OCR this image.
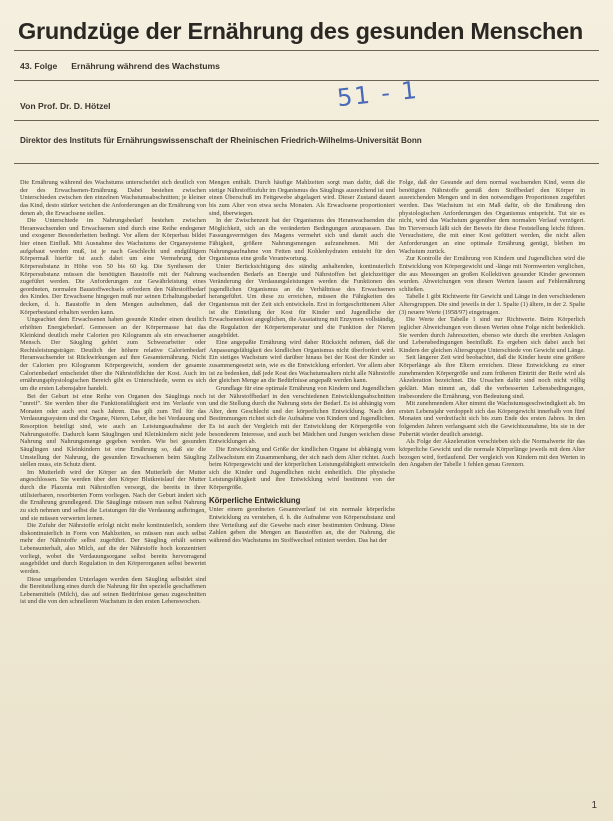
Grundzüge der Ernährung des gesunden Menschen
43. Folge Ernährung während des Wachstums
Von Prof. Dr. D. Hötzel	51 - 1
Direktor des Instituts für Ernährungswissenschaft der Rheinischen Friedrich-Wilhelms-Universität Bonn

Die Ernährung während des Wachstums unterscheidet sich deutlich von der des Erwachsenen-Ernährung. Dabei bestehen zwischen Unterschieden zwischen den einzelnen Wachstumsabschnitten; je kleiner das Kind, desto stärker weichen die Anforderungen an die Ernährung von denen ab, die Erwachsene stellen.

Die Unterschiede im Nahrungsbedarf bestehen zwischen Heranwachsenden und Erwachsenen sind durch eine Reihe endogener und exogener Besonderheiten bedingt. Vor allem der Körperbau bildet hier einen Einfluß. Mit Ausnahme des Wachstums der Organsysteme aufgebaut werden muß, ist je nach Geschlecht und endgültigem Körpermaß hierfür ist auch dabei um eine Vermehrung der Körpersubstanz in Höhe von 50 bis 60 kg. Die Synthesen der Körpersubstanz müssen die benötigten Baustoffe mit der Nahrung zugeführt werden. Die Anforderungen zur Gewährleistung eines geordneten, normalen Baustoffwechsels erfordern den Nährstoffbedarf des Kindes. Der Erwachsene hingegen muß nur seinen Erhaltungsbedarf decken, d. h. Baustoffe in dem Mengen aufnehmen, daß der Körperbestand erhalten werden kann.

Ungeachtet dem Erwachsenen haben gesunde Kinder einen deutlich erhöhten Energiebedarf. Gemessen an der Körpermasse hat das Kleinkind deutlich mehr Calorien pro Kilogramm als ein erwachsener Mensch. Der Säugling gehört zum Schwerarbeiter oder Rechtsleistungsträger. Deutlich der höhere relative Calorienbedarf Heranwachsender ist Rückwirkungen auf ihre Gesamternährung. Nicht der Calorien pro Kilogramm Körpergewicht, sondern der gesamte Calorienbedarf entscheidet über die Nährstoffdichte der Kost. Auch im ernährungsphysiologischen Bereich gibt es Unterschiede, wenn es sich um die ersten Lebensjahre handelt.

Bei der Geburt ist eine Reihe von Organen des Säuglings noch "unreif". Sie werden über die Funktionsfähigkeit erst im Verlaufe von Monaten oder auch erst nach Jahren. Das gilt zum Teil für das Verdauungssystem und die Organe, Nieren, Leber, die bei Verdauung und Resorption beteiligt sind, wie auch an Leistungsaufnahme der Nahrungsstoffe. Dadurch kann Säuglingen und Kleinkindern nicht jede Nahrung und Nahrungsmenge gegeben werden. Wie bei gesunden Säuglingen und Kleinkindern ist eine Ernährung so, daß sie die Umstellung der Nahrung, die gesunden Erwachsenen beim Säugling stellen muss, ein Schutz dient.

Im Mutterleib wird der Körper an den Mutterleib der Mutter angeschlossen. Sie werden über den Körper Blutkreislauf der Mutter durch die Plazenta mit Nährstoffen versorgt, die bereits in ihrer utilisierbaren, resorbierten Form vorliegen. Nach der Geburt ändert sich die Ernährung grundlegend. Die Säuglinge müssen nun selbst Nahrung zu sich nehmen und selbst die Leistungen für die Verdauung aufbringen, und sie müssen verwerten lernen.

Die Zufuhr der Nährstoffe erfolgt nicht mehr kontinuierlich, sondern diskontinuierlich in Form von Mahlzeiten, so müssen nun auch selbst mehr der Nährstoffe selbst zugeführt. Der Säugling erhält seinen Lebensunterhalt, also Milch, auf die der Nährstoffe hoch konzentriert vorliegt, wobei die Verdauungsorgane selbst bereits hervorragend ausgebildet und durch Regulation in den Körperorganen selbst bewertet werden.

Diese umgebenden Unterlagen werden dem Säugling selbstdet sind die Bereitstellung eines durch die Nahrung für ihn spezielle geschaffenen Lebensmittels (Milch), das auf seinen Bedürfnisse genau zugeschnitten ist und die von den schnelleren Wachstum in den ersten Lebenswochen.

Mengen enthält. Durch häufige Mahlzeiten sorgt man dafür, daß die stetige Nährstoffzufuhr im Organismus des Säuglings ausreichend ist und einen Überschuß im Fettgewebe abgelagert wird. Dieser Zustand dauert bis zum Alter von etwa sechs Monaten. Als Erwachsene proportioniert sind, überwiegen.

In der Zwischenzeit hat der Organismus des Heranwachsenden die Möglichkeit, sich an die veränderten Bedingungen anzupassen. Das Fassungsvermögen des Magens vermehrt sich und damit auch die Fähigkeit, größere Nahrungsmengen aufzunehmen. Mit der Nahrungsaufnahme von Fetten und Kohlenhydraten entsteht für den Organismus eine große Verantwortung.

Unter Berücksichtigung des ständig anhaltenden, kontinuierlich wachsenden Bedarfs an Energie und Nährstoffen bei gleichzeitiger Veränderung der Verdauungsleistungen werden die Funktionen des jugendlichen Organismus an die Verhältnisse des Erwachsenen herangeführt. Um diese zu erreichen, müssen die Fähigkeiten des Organismus mit der Zeit sich entwickeln. Erst in fortgeschrittenem Alter ist die Einteilung der Kost für Kinder und Jugendliche der Erwachsenenkost angeglichen, die Ausstattung mit Enzymen vollständig, die Regulation der Körpertemperatur und die Funktion der Nieren ausgebildet.

Eine angepaßte Ernährung wird daher Rücksicht nehmen, daß die Anpassungsfähigkeit des kindlichen Organismus nicht überfordert wird. Ein stetiges Wachstum wird darüber hinaus bei der Kost der Kinder so zusammengesetzt sein, wie es die Entwicklung erfordert. Vor allem aber ist zu bedenken, daß jede Kost des Wachstumsalters nicht alle Nährstoffe der gleichen Menge an die Bedürfnisse angepaßt werden kann.

Grundlage für eine optimale Ernährung von Kindern und Jugendlichen ist der Nährstoffbedarf in den verschiedenen Entwicklungsabschnitten und die Stellung durch die Nahrung stets der Bedarf. Es ist abhängig vom Alter, dem Geschlecht und der körperlichen Entwicklung. Nach den Bestimmungen richtet sich die Aufnahme von Kindern und Jugendlichen. Es ist auch der Vergleich mit der Entwicklung der Körpergröße von besonderem Interesse, und auch bei Mädchen und Jungen weichen diese Entwicklungen ab.

Die Entwicklung und Größe der kindlichen Organe ist abhängig vom Zellwachstum ein Zusammenhang, der sich nach dem Alter richtet. Auch beim Körpergewicht und der körperlichen Leistungsfähigkeit entwickeln sich die Kinder und Jugendlichen nicht einheitlich. Die physische Leistungsfähigkeit und ihre Entwicklung wird bestimmt von der Körpergröße.

Körperliche Entwicklung

Unter einem geordneten Gesamtverlauf ist ein normale körperliche Entwicklung zu verstehen, d. h. die Aufnahme von Körpersubstanz und ihre Verteilung auf die Gewebe nach einer bestimmten Ordnung. Diese Zahlen geben die Mengen an Baustoffen an, die der Nahrung, die während des Wachstums im Stoffwechsel retiniert werden. Das hat der

Folge, daß der Gesunde auf dem normal wachsenden Kind, wenn die benötigten Nährstoffe gemäß dem Stoffbedarf den Körper in ausreichenden Mengen und in den notwendigen Proportionen zugeführt werden. Das Wachstum ist ein Maß dafür, ob die Ernährung den physiologischen Anforderungen des Organismus entspricht. Tut sie es nicht, wird das Wachstum gegenüber dem normalen Verlauf verzögert. Im Tierversuch läßt sich der Beweis für diese Feststellung leicht führen. Versuchstiere, die mit einer Kost gefüttert werden, die nicht allen Anforderungen an eine optimale Ernährung genügt, bleiben im Wachstum zurück.

Zur Kontrolle der Ernährung von Kindern und Jugendlichen wird die Entwicklung von Körpergewicht und -länge mit Normwerten verglichen, die aus Messungen an großen Kollektiven gesunder Kinder gewonnen wurden. Abweichungen von diesen Werten lassen auf Fehlernährung schließen.

Tabelle 1 gibt Richtwerte für Gewicht und Länge in den verschiedenen Altersgruppen. Die sind jeweils in der 1. Spalte (1) ältere, in der 2. Spalte (3) neuere Werte (1958/97) eingetragen.

Die Werte der Tabelle 1 sind nur Richtwerte. Beim Körperlich jeglicher Abweichungen von diesen Werten ohne Folge nicht bedenklich. Sie werden durch Jahreszeiten, ebenso wie durch die ererbten Anlagen und Lebensbedingungen beeinflußt. Es ergeben sich dabei auch bei Kindern der gleichen Altersgruppe Unterschiede von Gewicht und Länge.

Seit längerer Zeit wird beobachtet, daß die Kinder heute eine größere Körperlänge als ihre Eltern erreichen. Diese Entwicklung zu einer zunehmenden Körpergröße und zum früheren Eintritt der Reife wird als Akzeleration bezeichnet. Die Ursachen dafür sind noch nicht völlig geklärt. Man nimmt an, daß die verbesserten Lebensbedingungen, insbesondere die Ernährung, von Bedeutung sind.

Mit zunehmendem Alter nimmt die Wachstumsgeschwindigkeit ab. Im ersten Lebensjahr verdoppelt sich das Körpergewicht innerhalb von fünf Monaten und verdreifacht sich bis zum Ende des ersten Jahres. In den folgenden Jahren verlangsamt sich die Gewichtszunahme, bis sie in der Pubertät wieder deutlich ansteigt.

Als Folge der Akzeleration verschieben sich die Normalwerte für das körperliche Gewicht und die normale Körperlänge jeweils mit dem Alter bezogen wird, fortlaufend. Der vergleich von Kindern mit den Werten in den Angaben der Tabelle 1 fehlen genau Grenzen.

1
